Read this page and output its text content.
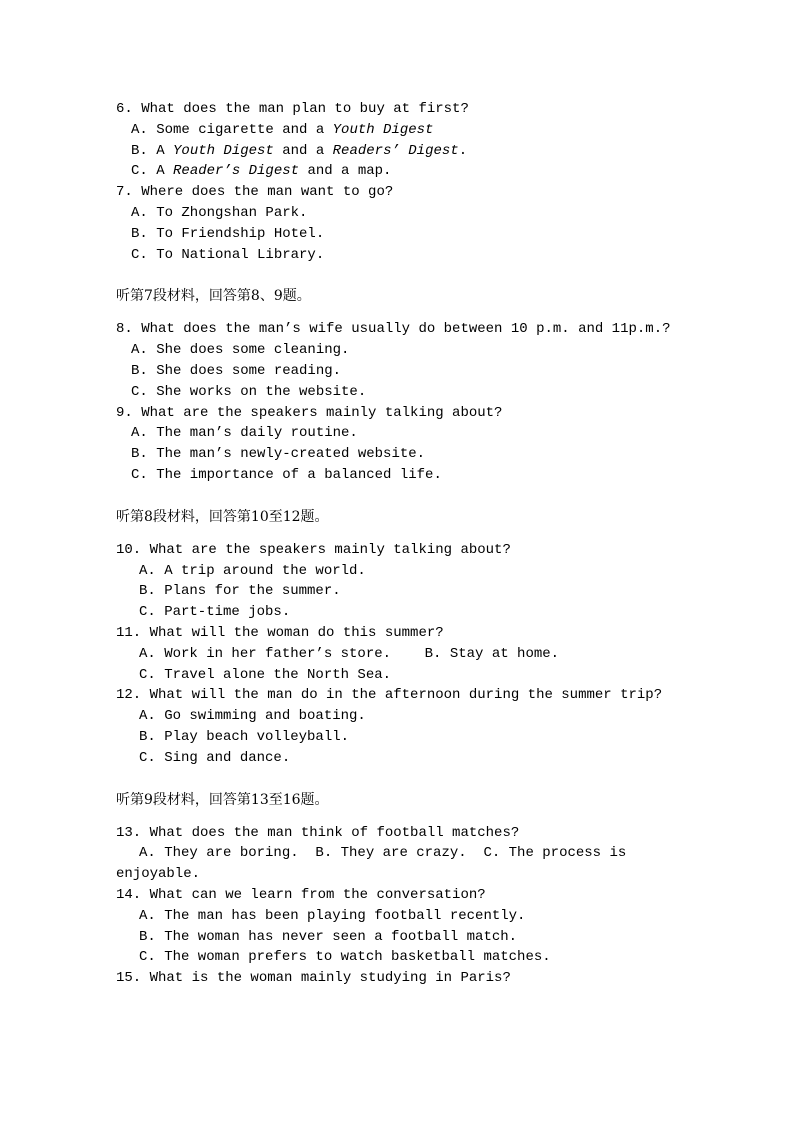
6. What does the man plan to buy at first?
A. Some cigarette and a Youth Digest
B. A Youth Digest and a Readers’ Digest.
C. A Reader’s Digest and a map.
7. Where does the man want to go?
A. To Zhongshan Park.
B. To Friendship Hotel.
C. To National Library.
听第7段材料，回答第8、9题。
8. What does the man’s wife usually do between 10 p.m. and 11p.m.?
A. She does some cleaning.
B. She does some reading.
C. She works on the website.
9. What are the speakers mainly talking about?
A. The man’s daily routine.
B. The man’s newly-created website.
C. The importance of a balanced life.
听第8段材料，回答第10至12题。
10. What are the speakers mainly talking about?
A. A trip around the world.
B. Plans for the summer.
C. Part-time jobs.
11. What will the woman do this summer?
A. Work in her father’s store.    B. Stay at home.
C. Travel alone the North Sea.
12. What will the man do in the afternoon during the summer trip?
A. Go swimming and boating.
B. Play beach volleyball.
C. Sing and dance.
听第9段材料，回答第13至16题。
13. What does the man think of football matches?
A. They are boring.  B. They are crazy.  C. The process is
enjoyable.
14. What can we learn from the conversation?
A. The man has been playing football recently.
B. The woman has never seen a football match.
C. The woman prefers to watch basketball matches.
15. What is the woman mainly studying in Paris?
